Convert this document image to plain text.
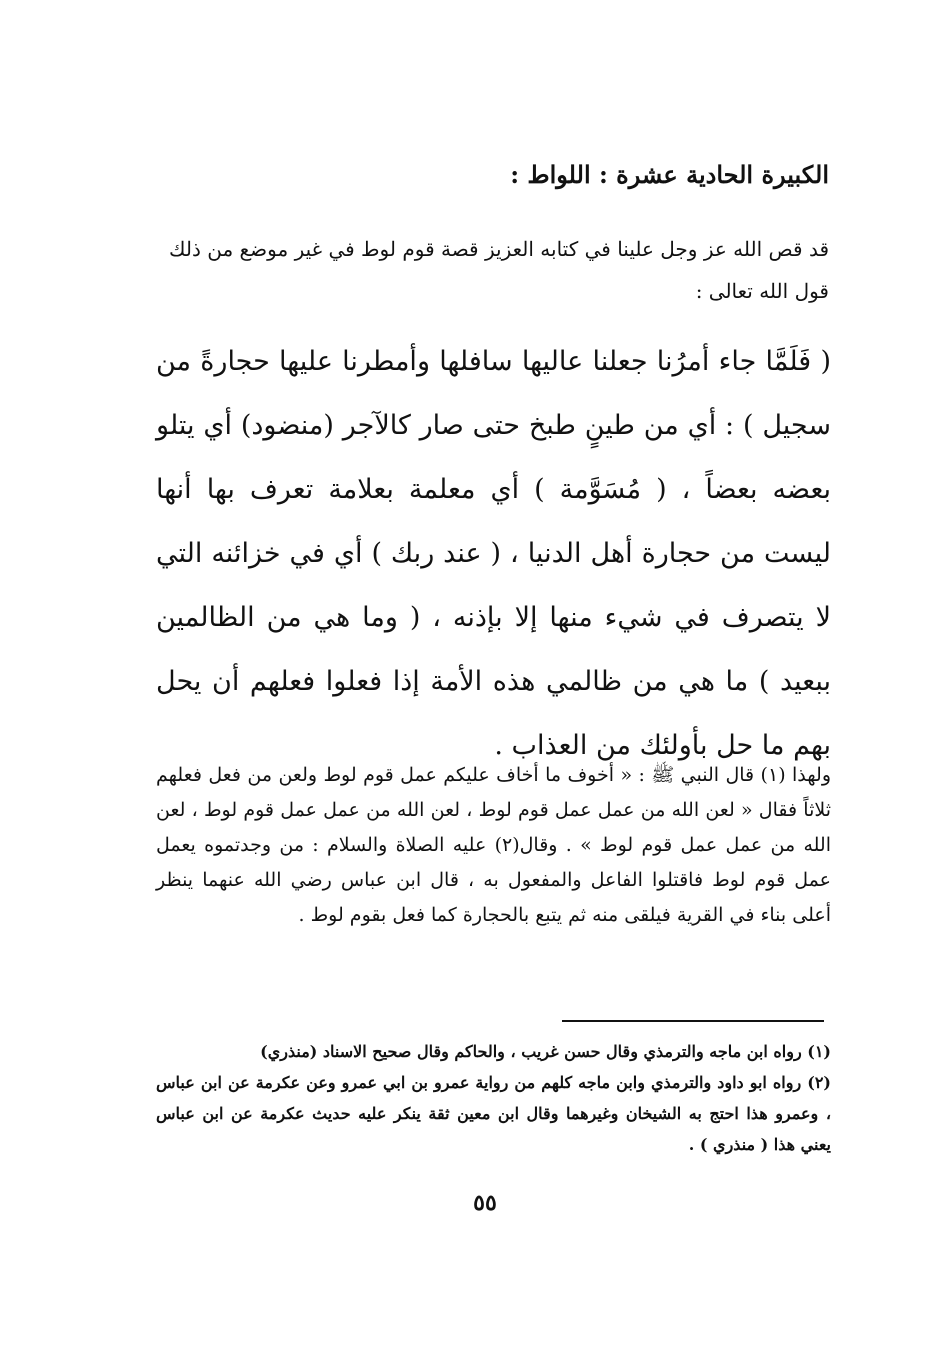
الكبيرة الحادية عشرة : اللواط :
قد قص الله عز وجل علينا في كتابه العزيز قصة قوم لوط في غير موضع من ذلك قول الله تعالى :

( فَلَمَّا جاء أمرُنا جعلنا عاليها سافلها وأمطرنا عليها حجارةً من سجيل ) : أي من طينٍ طبخ حتى صار كالآجر (منضود) أي يتلو بعضه بعضاً ، ( مُسَوَّمة ) أي معلمة بعلامة تعرف بها أنها ليست من حجارة أهل الدنيا ، ( عند ربك ) أي في خزائنه التي لا يتصرف في شيء منها إلا بإذنه ، ( وما هي من الظالمين ببعيد ) ما هي من ظالمي هذه الأمة إذا فعلوا فعلهم أن يحل بهم ما حل بأولئك من العذاب .

ولهذا (١) قال النبي ﷺ : « أخوف ما أخاف عليكم عمل قوم لوط ولعن من فعل فعلهم ثلاثاً فقال « لعن الله من عمل عمل قوم لوط ، لعن الله من عمل عمل قوم لوط ، لعن الله من عمل عمل قوم لوط » . وقال(٢) عليه الصلاة والسلام : من وجدتموه يعمل عمل قوم لوط فاقتلوا الفاعل والمفعول به ، قال ابن عباس رضي الله عنهما ينظر أعلى بناء في القرية فيلقى منه ثم يتبع بالحجارة كما فعل بقوم لوط .

(١) رواه ابن ماجه والترمذي وقال حسن غريب ، والحاكم وقال صحيح الاسناد (منذري)

(٢) رواه ابو داود والترمذي وابن ماجه كلهم من رواية عمرو بن ابي عمرو وعن عكرمة عن ابن عباس ، وعمرو هذا احتج به الشيخان وغيرهما وقال ابن معين ثقة ينكر عليه حديث عكرمة عن ابن عباس يعني هذا ( منذري ) .

٥٥
